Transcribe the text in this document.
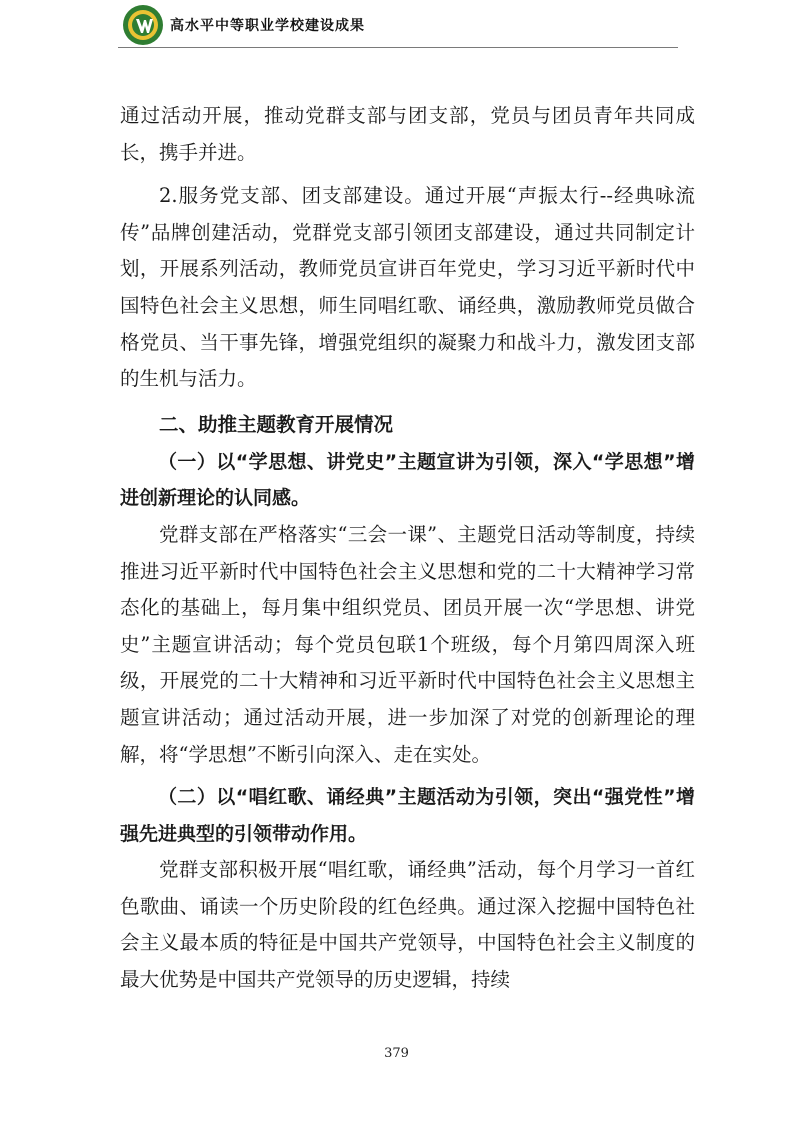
高水平中等职业学校建设成果

通过活动开展，推动党群支部与团支部，党员与团员青年共同成长，携手并进。

2.服务党支部、团支部建设。通过开展“声振太行--经典咏流传”品牌创建活动，党群党支部引领团支部建设，通过共同制定计划，开展系列活动，教师党员宣讲百年党史，学习习近平新时代中国特色社会主义思想，师生同唱红歌、诵经典，激励教师党员做合格党员、当干事先锋，增强党组织的凝聚力和战斗力，激发团支部的生机与活力。

二、助推主题教育开展情况

（一）以“学思想、讲党史”主题宣讲为引领，深入“学思想”增进创新理论的认同感。

党群支部在严格落实“三会一课”、主题党日活动等制度，持续推进习近平新时代中国特色社会主义思想和党的二十大精神学习常态化的基础上，每月集中组织党员、团员开展一次“学思想、讲党史”主题宣讲活动；每个党员包联1个班级，每个月第四周深入班级，开展党的二十大精神和习近平新时代中国特色社会主义思想主题宣讲活动；通过活动开展，进一步加深了对党的创新理论的理解，将“学思想”不断引向深入、走在实处。

（二）以“唱红歌、诵经典”主题活动为引领，突出“强党性”增强先进典型的引领带动作用。

党群支部积极开展“唱红歌，诵经典”活动，每个月学习一首红色歌曲、诵读一个历史阶段的红色经典。通过深入挖掘中国特色社会主义最本质的特征是中国共产党领导，中国特色社会主义制度的最大优势是中国共产党领导的历史逻辑，持续

379
